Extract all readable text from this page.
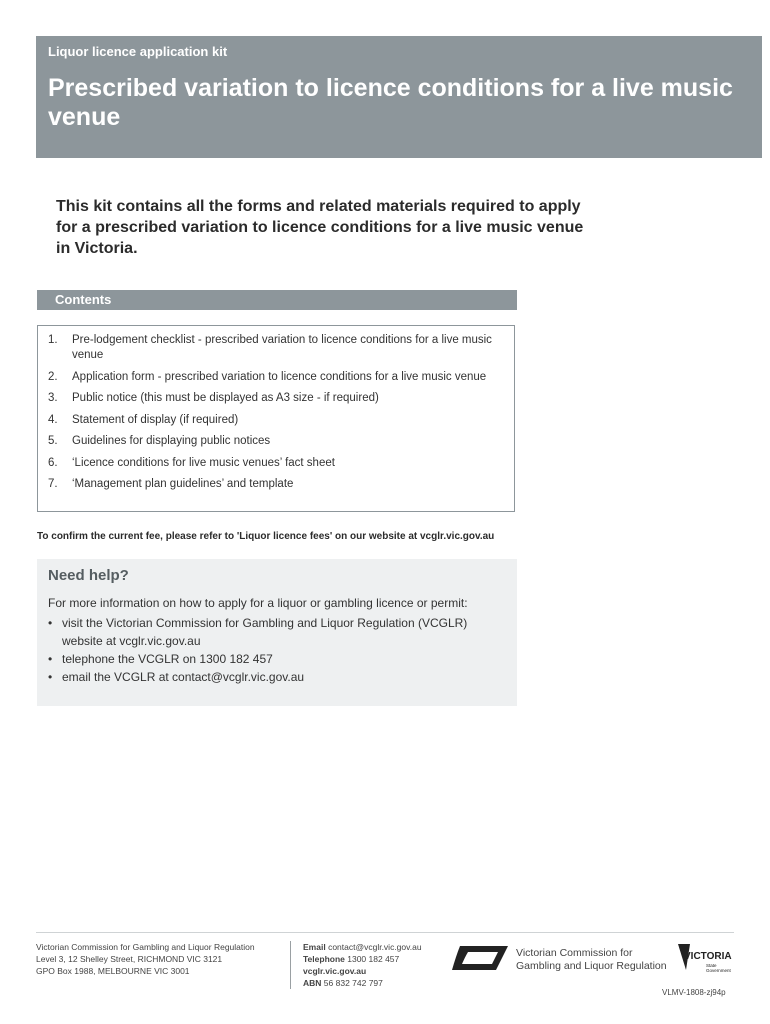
Liquor licence application kit
Prescribed variation to licence conditions for a live music venue
This kit contains all the forms and related materials required to apply for a prescribed variation to licence conditions for a live music venue in Victoria.
Contents
1. Pre-lodgement checklist - prescribed variation to licence conditions for a live music venue
2. Application form - prescribed variation to licence conditions for a live music venue
3. Public notice (this must be displayed as A3 size - if required)
4. Statement of display (if required)
5. Guidelines for displaying public notices
6. ‘Licence conditions for live music venues’ fact sheet
7. ‘Management plan guidelines’ and template
To confirm the current fee, please refer to 'Liquor licence fees' on our website at vcglr.vic.gov.au
Need help?
For more information on how to apply for a liquor or gambling licence or permit:
• visit the Victorian Commission for Gambling and Liquor Regulation (VCGLR) website at vcglr.vic.gov.au
• telephone the VCGLR on 1300 182 457
• email the VCGLR at contact@vcglr.vic.gov.au
Victorian Commission for Gambling and Liquor Regulation
Level 3, 12 Shelley Street, RICHMOND VIC 3121
GPO Box 1988, MELBOURNE VIC 3001
Email contact@vcglr.vic.gov.au
Telephone 1300 182 457
vcglr.vic.gov.au
ABN 56 832 742 797
Victorian Commission for
Gambling and Liquor Regulation
VICTORIA
State
Government
VLMV-1808-zj94p
